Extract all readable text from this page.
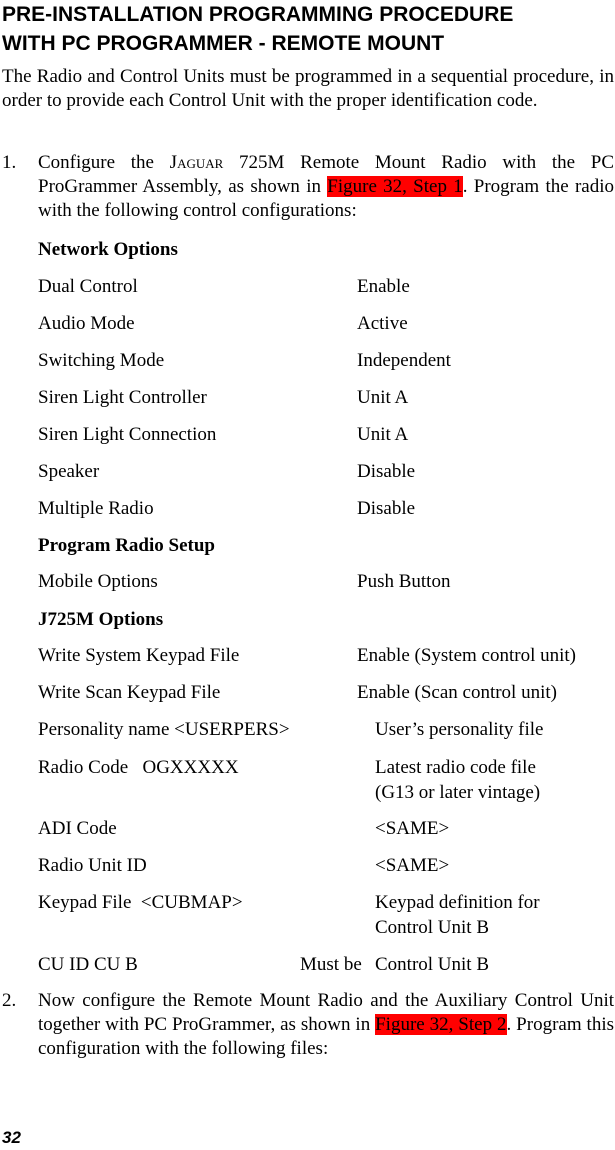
PRE-INSTALLATION PROGRAMMING PROCEDURE
WITH PC PROGRAMMER - REMOTE MOUNT

The Radio and Control Units must be programmed in a sequential procedure, in order to provide each Control Unit with the proper identification code.

1. Configure the Jaguar 725M Remote Mount Radio with the PC ProGrammer Assembly, as shown in Figure 32, Step 1. Program the radio with the following control configurations:

Network Options
Dual Control	Enable
Audio Mode	Active
Switching Mode	Independent
Siren Light Controller	Unit A
Siren Light Connection	Unit A
Speaker	Disable
Multiple Radio	Disable
Program Radio Setup
Mobile Options	Push Button
J725M Options
Write System Keypad File	Enable (System control unit)
Write Scan Keypad File	Enable (Scan control unit)
Personality name <USERPERS>	User’s personality file
Radio Code   OGXXXXX	Latest radio code file
(G13 or later vintage)
ADI Code	<SAME>
Radio Unit ID	<SAME>
Keypad File  <CUBMAP>	Keypad definition for
Control Unit B
CU ID CU B	Must be Control Unit B
2. Now configure the Remote Mount Radio and the Auxiliary Control Unit together with PC ProGrammer, as shown in Figure 32, Step 2. Program this configuration with the following files:

32
